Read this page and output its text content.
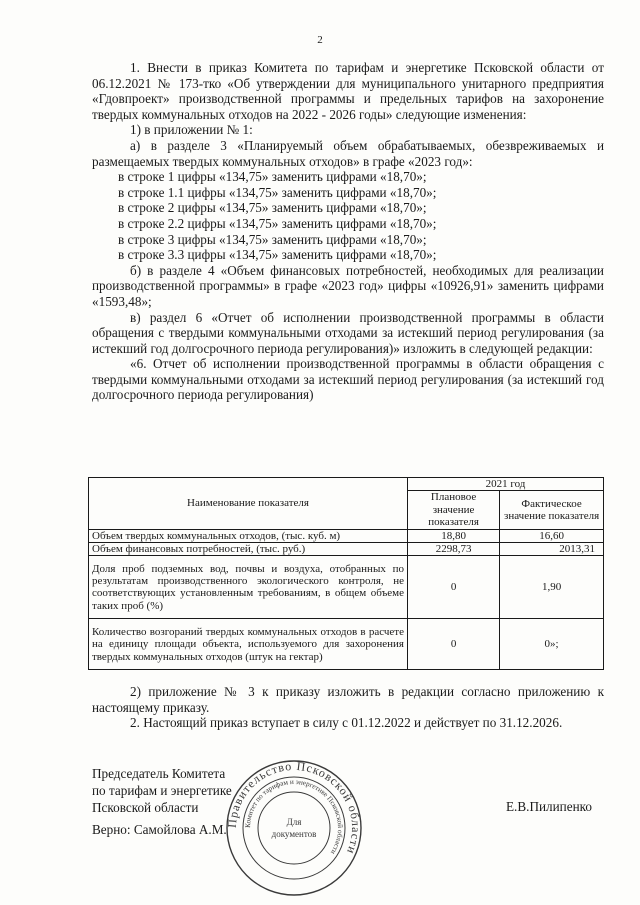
2

1. Внести в приказ Комитета по тарифам и энергетике Псковской области от 06.12.2021 № 173-тко «Об утверждении для муниципального унитарного предприятия «Гдовпроект» производственной программы и предельных тарифов на захоронение твердых коммунальных отходов на 2022 - 2026 годы» следующие изменения:

1) в приложении № 1:

а) в разделе 3 «Планируемый объем обрабатываемых, обезвреживаемых и размещаемых твердых коммунальных отходов» в графе «2023 год»:

в строке 1 цифры «134,75» заменить цифрами «18,70»;

в строке 1.1 цифры «134,75» заменить цифрами «18,70»;

в строке 2 цифры «134,75» заменить цифрами «18,70»;

в строке 2.2 цифры «134,75» заменить цифрами «18,70»;

в строке 3 цифры «134,75» заменить цифрами «18,70»;

в строке 3.3 цифры «134,75» заменить цифрами «18,70»;

б) в разделе 4 «Объем финансовых потребностей, необходимых для реализации производственной программы» в графе «2023 год» цифры «10926,91» заменить цифрами «1593,48»;

в) раздел 6 «Отчет об исполнении производственной программы в области обращения с твердыми коммунальными отходами за истекший период регулирования (за истекший год долгосрочного периода регулирования)» изложить в следующей редакции:

«6. Отчет об исполнении производственной программы в области обращения с твердыми коммунальными отходами за истекший период регулирования (за истекший год долгосрочного периода регулирования)

Наименование показателя	2021 год	
	Плановое значение показателя	Фактическое значение показателя
Объем твердых коммунальных отходов, (тыс. куб. м)	18,80	16,60
Объем финансовых потребностей, (тыс. руб.)	2298,73	2013,31
Доля проб подземных вод, почвы и воздуха, отобранных по результатам производственного экологического контроля, не соответствующих установленным требованиям, в общем объеме таких проб (%)	0	1,90
Количество возгораний твердых коммунальных отходов в расчете на единицу площади объекта, используемого для захоронения твердых коммунальных отходов (штук на гектар)	0	0»;

2) приложение № 3 к приказу изложить в редакции согласно приложению к настоящему приказу.

2. Настоящий приказ вступает в силу с 01.12.2022 и действует по 31.12.2026.

Председатель Комитета
по тарифам и энергетике
Псковской области	Е.В.Пилипенко
Верно: Самойлова А.М.
Правительство Псковской области
Комитет по тарифам и энергетике Псковской области
Для
документов
